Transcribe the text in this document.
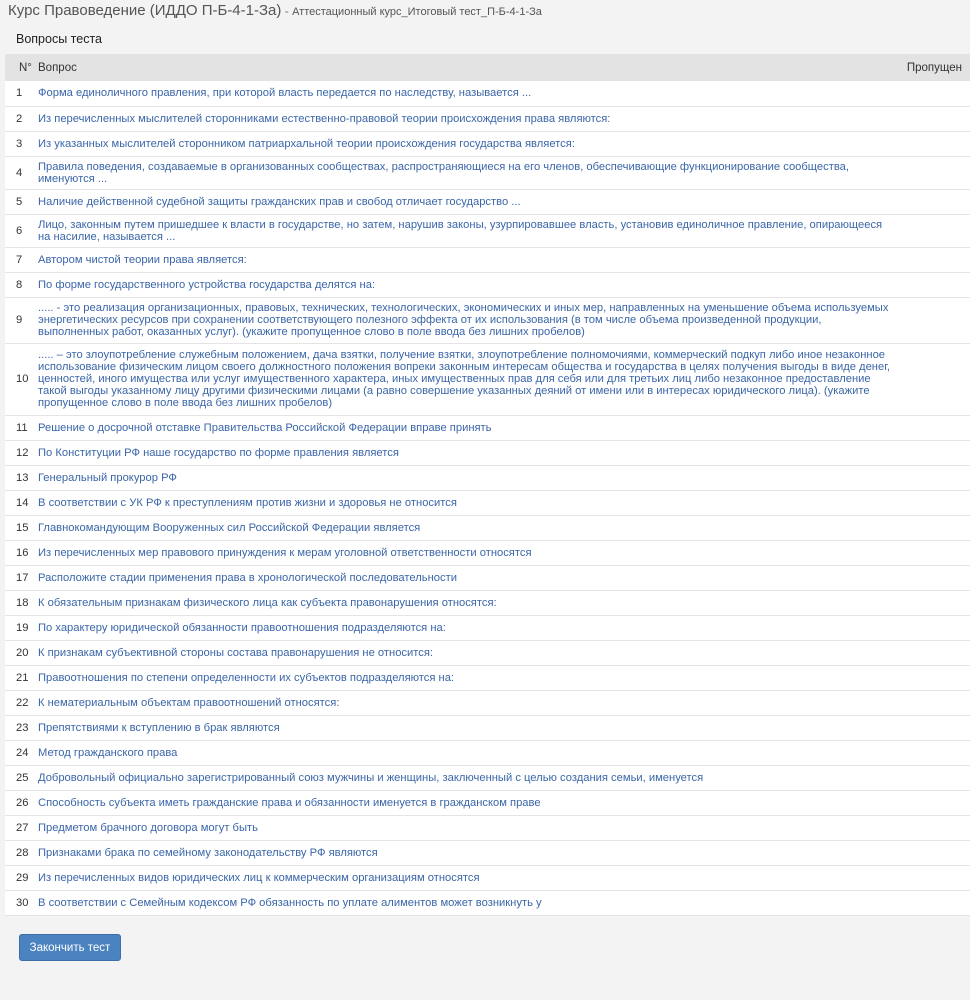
Курс Правоведение (ИДДО П-Б-4-1-За) - Аттестационный курс_Итоговый тест_П-Б-4-1-За
Вопросы теста
N°	Вопрос	Пропущен
1	Форма единоличного правления, при которой власть передается по наследству, называется ...	
2	Из перечисленных мыслителей сторонниками естественно-правовой теории происхождения права являются:	
3	Из указанных мыслителей сторонником патриархальной теории происхождения государства является:	
4	Правила поведения, создаваемые в организованных сообществах, распространяющиеся на его членов, обеспечивающие функционирование сообщества, именуются ...	
5	Наличие действенной судебной защиты гражданских прав и свобод отличает государство ...	
6	Лицо, законным путем пришедшее к власти в государстве, но затем, нарушив законы, узурпировавшее власть, установив единоличное правление, опирающееся на насилие, называется ...	
7	Автором чистой теории права является:	
8	По форме государственного устройства государства делятся на:	
9	..... - это реализация организационных, правовых, технических, технологических, экономических и иных мер, направленных на уменьшение объема используемых энергетических ресурсов при сохранении соответствующего полезного эффекта от их использования (в том числе объема произведенной продукции, выполненных работ, оказанных услуг). (укажите пропущенное слово в поле ввода без лишних пробелов)	
10	..... – это злоупотребление служебным положением, дача взятки, получение взятки, злоупотребление полномочиями, коммерческий подкуп либо иное незаконное использование физическим лицом своего должностного положения вопреки законным интересам общества и государства в целях получения выгоды в виде денег, ценностей, иного имущества или услуг имущественного характера, иных имущественных прав для себя или для третьих лиц либо незаконное предоставление такой выгоды указанному лицу другими физическими лицами (а равно совершение указанных деяний от имени или в интересах юридического лица). (укажите пропущенное слово в поле ввода без лишних пробелов)	
11	Решение о досрочной отставке Правительства Российской Федерации вправе принять	
12	По Конституции РФ наше государство по форме правления является	
13	Генеральный прокурор РФ	
14	В соответствии с УК РФ к преступлениям против жизни и здоровья не относится	
15	Главнокомандующим Вооруженных сил Российской Федерации является	
16	Из перечисленных мер правового принуждения к мерам уголовной ответственности относятся	
17	Расположите стадии применения права в хронологической последовательности	
18	К обязательным признакам физического лица как субъекта правонарушения относятся:	
19	По характеру юридической обязанности правоотношения подразделяются на:	
20	К признакам субъективной стороны состава правонарушения не относится:	
21	Правоотношения по степени определенности их субъектов подразделяются на:	
22	К нематериальным объектам правоотношений относятся:	
23	Препятствиями к вступлению в брак являются	
24	Метод гражданского права	
25	Добровольный официально зарегистрированный союз мужчины и женщины, заключенный с целью создания семьи, именуется	
26	Способность субъекта иметь гражданские права и обязанности именуется в гражданском праве	
27	Предметом брачного договора могут быть	
28	Признаками брака по семейному законодательству РФ являются	
29	Из перечисленных видов юридических лиц к коммерческим организациям относятся	
30	В соответствии с Семейным кодексом РФ обязанность по уплате алиментов может возникнуть у	
Закончить тест
